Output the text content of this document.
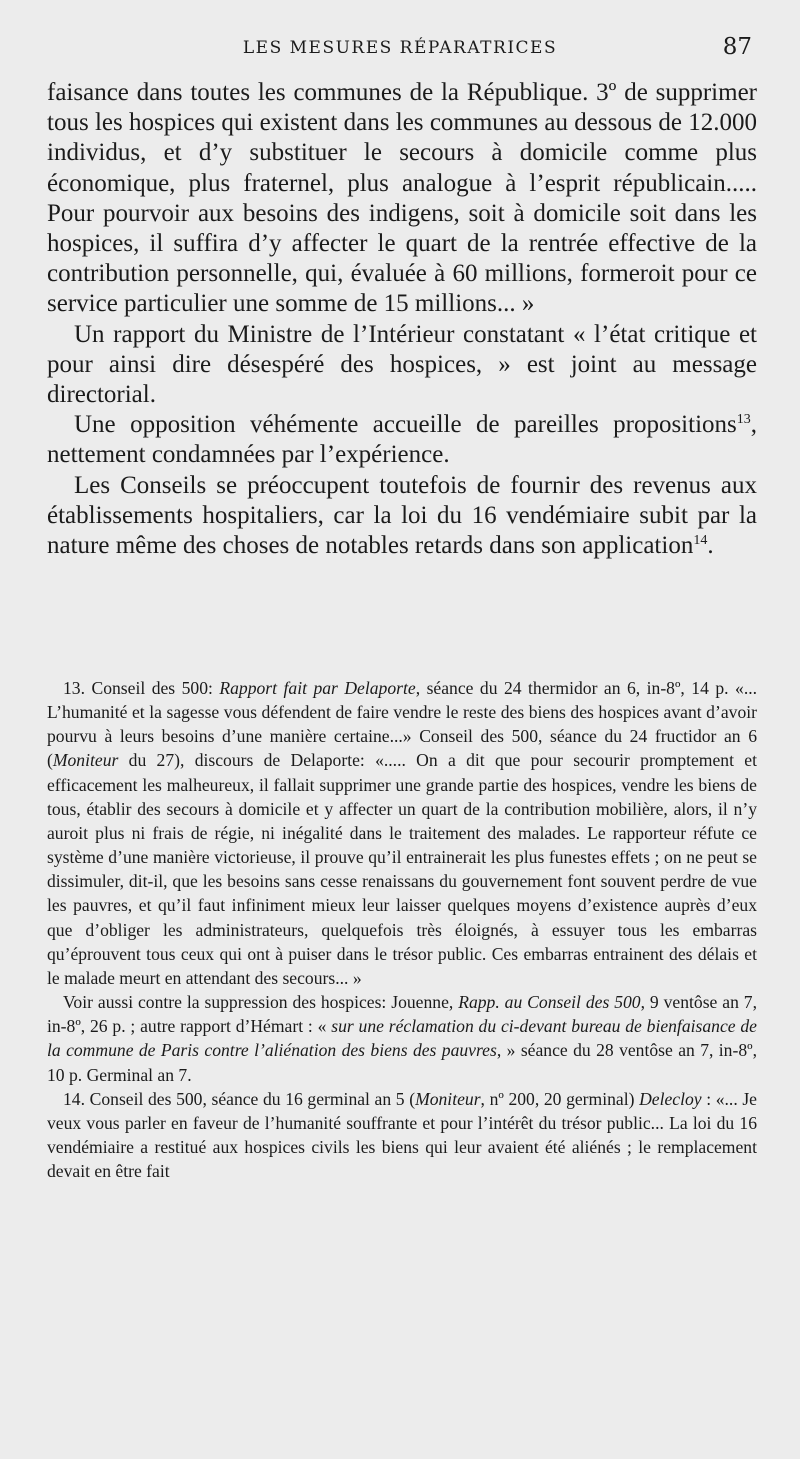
LES MESURES RÉPARATRICES	87

faisance dans toutes les communes de la République. 3º de supprimer tous les hospices qui existent dans les communes au dessous de 12.000 individus, et d’y substituer le secours à domicile comme plus économique, plus fraternel, plus analogue à l’esprit républicain..... Pour pourvoir aux besoins des indigens, soit à domicile soit dans les hospices, il suffira d’y affecter le quart de la rentrée effective de la contribution personnelle, qui, évaluée à 60 millions, formeroit pour ce service particulier une somme de 15 millions... »

Un rapport du Ministre de l’Intérieur constatant « l’état critique et pour ainsi dire désespéré des hospices, » est joint au message directorial.

Une opposition véhémente accueille de pareilles propositions$^{13}$, nettement condamnées par l’expérience.

Les Conseils se préoccupent toutefois de fournir des revenus aux établissements hospitaliers, car la loi du 16 vendémiaire subit par la nature même des choses de notables retards dans son application$^{14}$.

13. Conseil des 500: Rapport fait par Delaporte, séance du 24 thermidor an 6, in-8º, 14 p. «... L’humanité et la sagesse vous défendent de faire vendre le reste des biens des hospices avant d’avoir pourvu à leurs besoins d’une manière certaine...» Conseil des 500, séance du 24 fructidor an 6 (Moniteur du 27), discours de Delaporte: «..... On a dit que pour secourir promptement et efficacement les malheureux, il fallait supprimer une grande partie des hospices, vendre les biens de tous, établir des secours à domicile et y affecter un quart de la contribution mobilière, alors, il n’y auroit plus ni frais de régie, ni inégalité dans le traitement des malades. Le rapporteur réfute ce système d’une manière victorieuse, il prouve qu’il entrainerait les plus funestes effets ; on ne peut se dissimuler, dit-il, que les besoins sans cesse renaissans du gouvernement font souvent perdre de vue les pauvres, et qu’il faut infiniment mieux leur laisser quelques moyens d’existence auprès d’eux que d’obliger les administrateurs, quelquefois très éloignés, à essuyer tous les embarras qu’éprouvent tous ceux qui ont à puiser dans le trésor public. Ces embarras entrainent des délais et le malade meurt en attendant des secours... »

Voir aussi contre la suppression des hospices: Jouenne, Rapp. au Conseil des 500, 9 ventôse an 7, in-8º, 26 p. ; autre rapport d’Hémart : « sur une réclamation du ci-devant bureau de bienfaisance de la commune de Paris contre l’aliénation des biens des pauvres, » séance du 28 ventôse an 7, in-8º, 10 p. Germinal an 7.

14. Conseil des 500, séance du 16 germinal an 5 (Moniteur, nº 200, 20 germinal) Delecloy : «... Je veux vous parler en faveur de l’humanité souffrante et pour l’intérêt du trésor public... La loi du 16 vendémiaire a restitué aux hospices civils les biens qui leur avaient été aliénés ; le remplacement devait en être fait
